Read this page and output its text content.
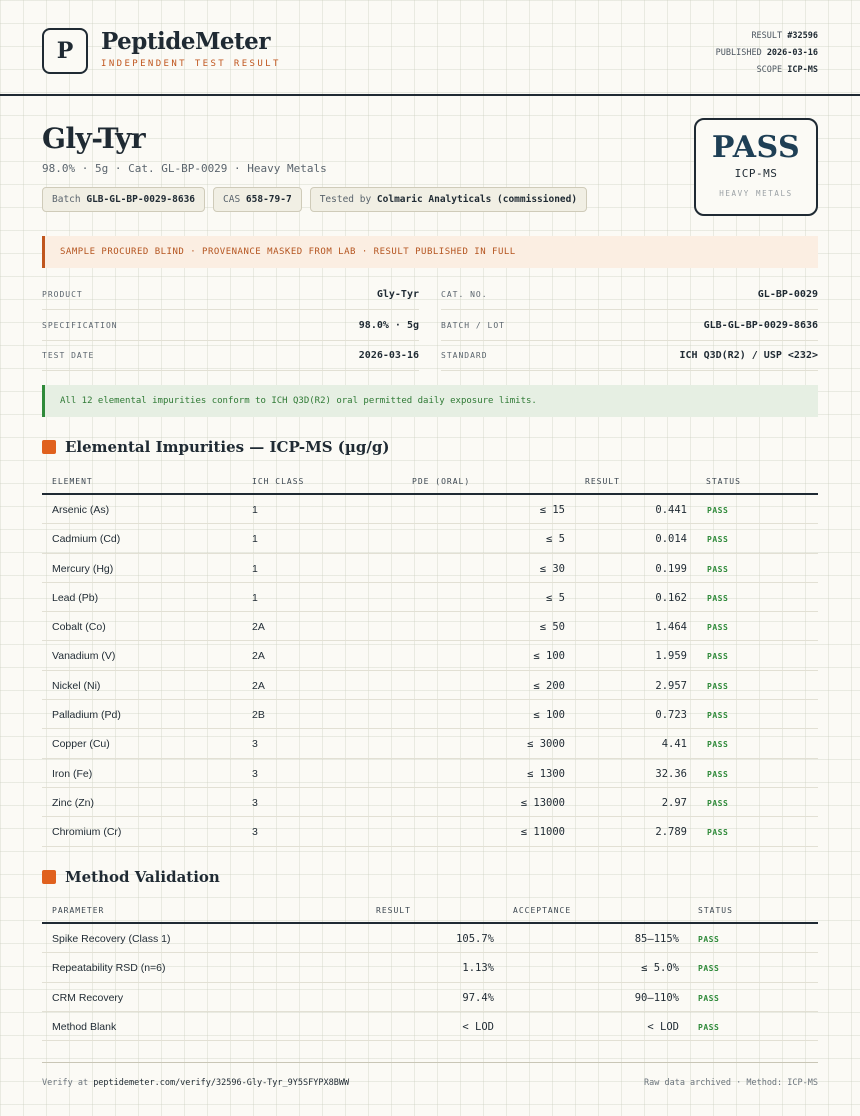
P	PeptideMeter
INDEPENDENT TEST RESULT
RESULT #32596
PUBLISHED 2026-03-16
SCOPE ICP-MS
Gly-Tyr
98.0% · 5g · Cat. GL-BP-0029 · Heavy Metals
Batch GLB-GL-BP-0029-8636	CAS 658-79-7	Tested by Colmaric Analyticals (commissioned)
PASS
ICP-MS
HEAVY METALS
SAMPLE PROCURED BLIND · PROVENANCE MASKED FROM LAB · RESULT PUBLISHED IN FULL
PRODUCT	Gly-Tyr	CAT. NO.	GL-BP-0029
SPECIFICATION	98.0% · 5g	BATCH / LOT	GLB-GL-BP-0029-8636
TEST DATE	2026-03-16	STANDARD	ICH Q3D(R2) / USP <232>
All 12 elemental impurities conform to ICH Q3D(R2) oral permitted daily exposure limits.
Elemental Impurities — ICP-MS (µg/g)
ELEMENT	ICH CLASS	PDE (ORAL)	RESULT	STATUS
Arsenic (As)	1	≤ 15	0.441	PASS
Cadmium (Cd)	1	≤ 5	0.014	PASS
Mercury (Hg)	1	≤ 30	0.199	PASS
Lead (Pb)	1	≤ 5	0.162	PASS
Cobalt (Co)	2A	≤ 50	1.464	PASS
Vanadium (V)	2A	≤ 100	1.959	PASS
Nickel (Ni)	2A	≤ 200	2.957	PASS
Palladium (Pd)	2B	≤ 100	0.723	PASS
Copper (Cu)	3	≤ 3000	4.41	PASS
Iron (Fe)	3	≤ 1300	32.36	PASS
Zinc (Zn)	3	≤ 13000	2.97	PASS
Chromium (Cr)	3	≤ 11000	2.789	PASS
Method Validation
PARAMETER	RESULT	ACCEPTANCE	STATUS
Spike Recovery (Class 1)	105.7%	85–115% PASS
Repeatability RSD (n=6)	1.13%	≤ 5.0% PASS
CRM Recovery	97.4%	90–110% PASS
Method Blank	< LOD	< LOD PASS
Verify at peptidemeter.com/verify/32596-Gly-Tyr_9Y5SFYPX8BWW	Raw data archived · Method: ICP-MS
